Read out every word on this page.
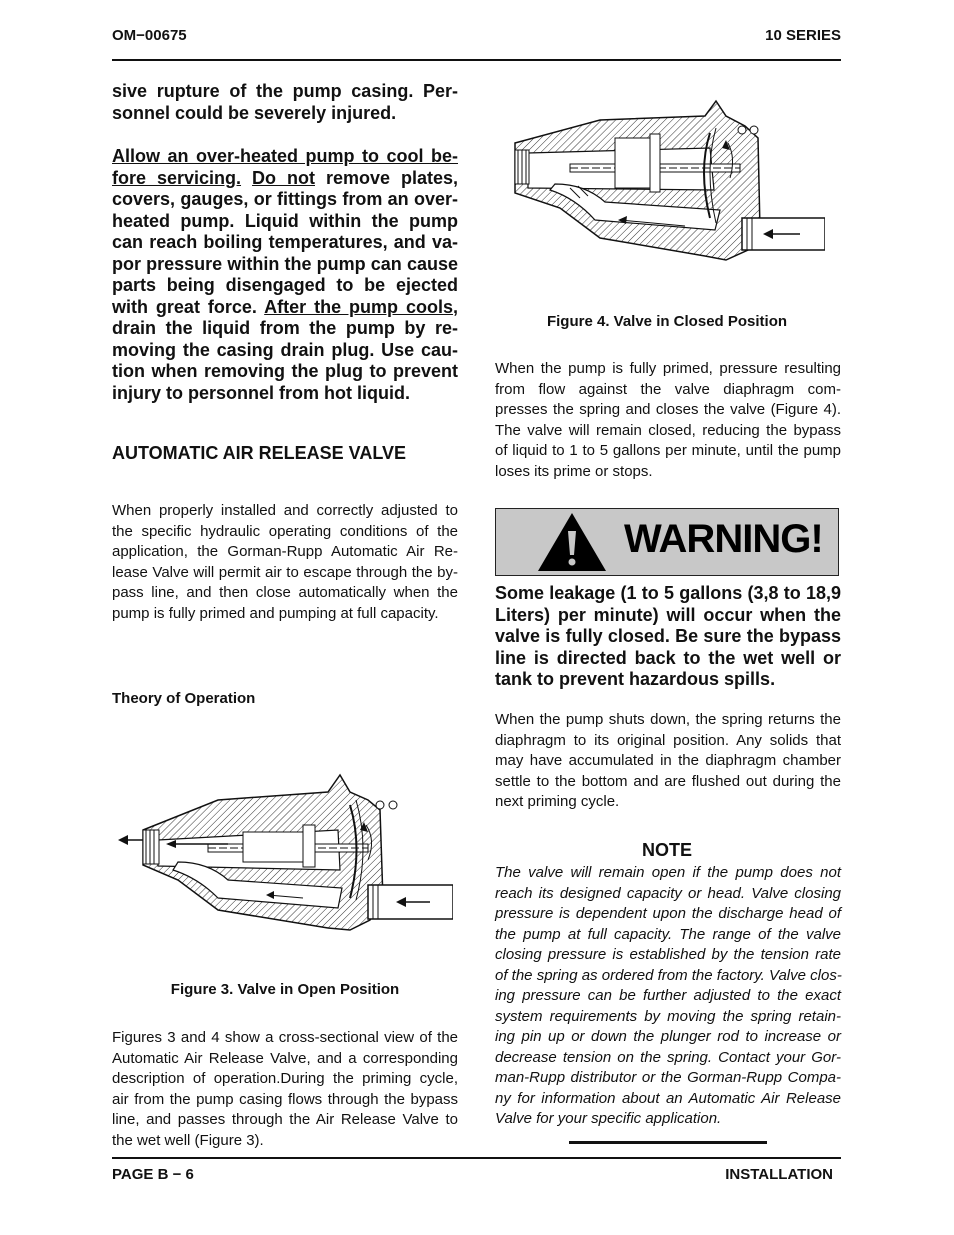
OM−00675	10 SERIES
sive rupture of the pump casing. Per-
sonnel could be severely injured.
Allow an over-heated pump to cool be-
fore servicing. Do not remove plates,
covers, gauges, or fittings from an over-
heated pump. Liquid within the pump
can reach boiling temperatures, and va-
por pressure within the pump can cause
parts being disengaged to be ejected
with great force. After the pump cools,
drain the liquid from the pump by re-
moving the casing drain plug. Use cau-
tion when removing the plug to prevent
injury to personnel from hot liquid.
AUTOMATIC AIR RELEASE VALVE
When properly installed and correctly adjusted to
the specific hydraulic operating conditions of the
application, the Gorman-Rupp Automatic Air Re-
lease Valve will permit air to escape through the by-
pass line, and then close automatically when the
pump is fully primed and pumping at full capacity.
Theory of Operation
Figure 3. Valve in Open Position
Figures 3 and 4 show a cross-sectional view of the
Automatic Air Release Valve, and a corresponding
description of operation.During the priming cycle,
air from the pump casing flows through the bypass
line, and passes through the Air Release Valve to
the wet well (Figure 3).
Figure 4. Valve in Closed Position
When the pump is fully primed, pressure resulting
from flow against the valve diaphragm com-
presses the spring and closes the valve (Figure 4).
The valve will remain closed, reducing the bypass
of liquid to 1 to 5 gallons per minute, until the pump
loses its prime or stops.
WARNING!
Some leakage (1 to 5 gallons (3,8 to 18,9
Liters) per minute) will occur when the
valve is fully closed. Be sure the bypass
line is directed back to the wet well or
tank to prevent hazardous spills.
When the pump shuts down, the spring returns the
diaphragm to its original position. Any solids that
may have accumulated in the diaphragm chamber
settle to the bottom and are flushed out during the
next priming cycle.
NOTE
The valve will remain open if the pump does not
reach its designed capacity or head. Valve closing
pressure is dependent upon the discharge head of
the pump at full capacity. The range of the valve
closing pressure is established by the tension rate
of the spring as ordered from the factory. Valve clos-
ing pressure can be further adjusted to the exact
system requirements by moving the spring retain-
ing pin up or down the plunger rod to increase or
decrease tension on the spring. Contact your Gor-
man-Rupp distributor or the Gorman-Rupp Compa-
ny for information about an Automatic Air Release
Valve for your specific application.
PAGE B − 6	INSTALLATION
